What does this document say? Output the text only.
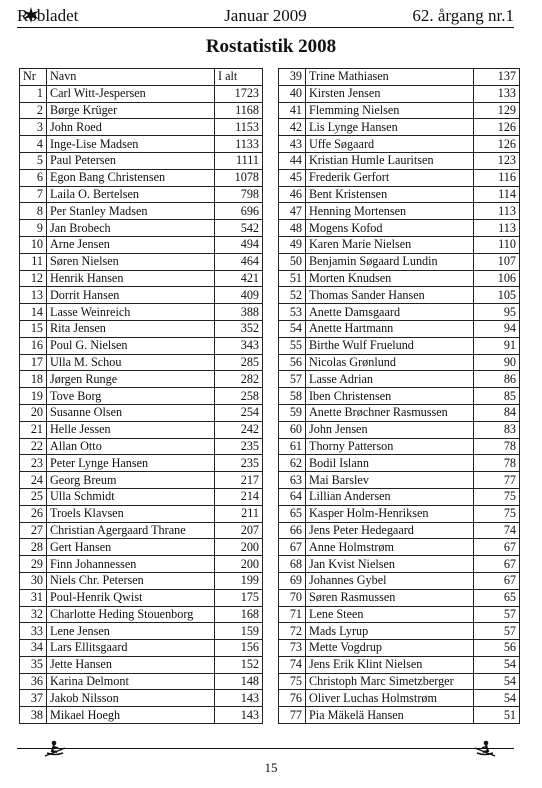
Robladet	Januar 2009	62. årgang nr.1
Rostatistik 2008
Nr	Navn	I alt
1	Carl Witt-Jespersen	1723
2	Børge Krüger	1168
3	John Roed	1153
4	Inge-Lise Madsen	1133
5	Paul Petersen	1111
6	Egon Bang Christensen	1078
7	Laila O. Bertelsen	798
8	Per Stanley Madsen	696
9	Jan Brobech	542
10	Arne Jensen	494
11	Søren Nielsen	464
12	Henrik Hansen	421
13	Dorrit Hansen	409
14	Lasse Weinreich	388
15	Rita Jensen	352
16	Poul G. Nielsen	343
17	Ulla M. Schou	285
18	Jørgen Runge	282
19	Tove Borg	258
20	Susanne Olsen	254
21	Helle Jessen	242
22	Allan Otto	235
23	Peter Lynge Hansen	235
24	Georg Breum	217
25	Ulla Schmidt	214
26	Troels Klavsen	211
27	Christian Agergaard Thrane	207
28	Gert Hansen	200
29	Finn Johannessen	200
30	Niels Chr. Petersen	199
31	Poul-Henrik Qwist	175
32	Charlotte Heding Stouenborg	168
33	Lene Jensen	159
34	Lars Ellitsgaard	156
35	Jette Hansen	152
36	Karina Delmont	148
37	Jakob Nilsson	143
38	Mikael Hoegh	143
39	Trine Mathiasen	137
40	Kirsten Jensen	133
41	Flemming Nielsen	129
42	Lis Lynge Hansen	126
43	Uffe Søgaard	126
44	Kristian Humle Lauritsen	123
45	Frederik Gerfort	116
46	Bent Kristensen	114
47	Henning Mortensen	113
48	Mogens Kofod	113
49	Karen Marie Nielsen	110
50	Benjamin Søgaard Lundin	107
51	Morten Knudsen	106
52	Thomas Sander Hansen	105
53	Anette Damsgaard	95
54	Anette Hartmann	94
55	Birthe Wulf Fruelund	91
56	Nicolas Grønlund	90
57	Lasse Adrian	86
58	Iben Christensen	85
59	Anette Brøchner Rasmussen	84
60	John Jensen	83
61	Thorny Patterson	78
62	Bodil Islann	78
63	Mai Barslev	77
64	Lillian Andersen	75
65	Kasper Holm-Henriksen	75
66	Jens Peter Hedegaard	74
67	Anne Holmstrøm	67
68	Jan Kvist Nielsen	67
69	Johannes Gybel	67
70	Søren Rasmussen	65
71	Lene Steen	57
72	Mads Lyrup	57
73	Mette Vogdrup	56
74	Jens Erik Klint Nielsen	54
75	Christoph Marc Simetzberger	54
76	Oliver Luchas Holmstrøm	54
77	Pia Mäkelä Hansen	51
15
